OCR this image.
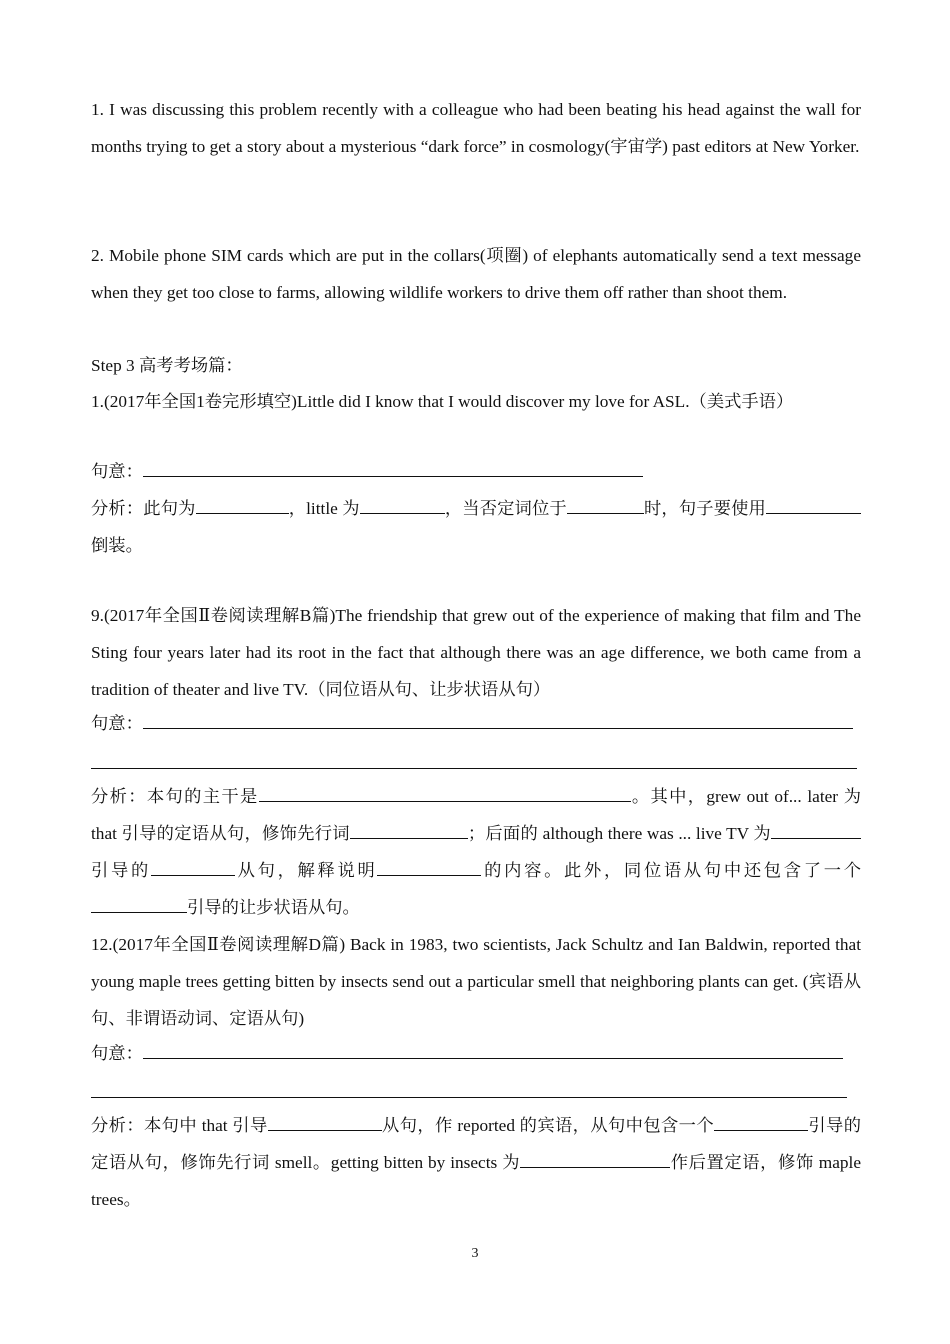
1. I was discussing this problem recently with a colleague who had been beating his head against the wall for months trying to get a story about a mysterious “dark force” in cosmology(宇宙学) past editors at New Yorker.
2. Mobile phone SIM cards which are put in the collars(项圈) of elephants automatically send a text message when they get too close to farms, allowing wildlife workers to drive them off rather than shoot them.
Step 3 高考考场篇：
1.(2017年全国1卷完形填空)Little did I know that I would discover my love for ASL.（美式手语）
句意：
分析：此句为	，little 为	，当否定词位于	时，句子要使用倒装。
9.(2017年全国Ⅱ卷阅读理解B篇)The friendship that grew out of the experience of making that film and The Sting four years later had its root in the fact that although there was an age difference, we both came from a tradition of theater and live TV.（同位语从句、让步状语从句）
句意：
分析：本句的主干是	。其中，grew out of... later 为that 引导的定语从句，修饰先行词	；后面的 although there was ... live TV 为引导的	从句，解释说明	的内容。此外，同位语从句中还包含了一个引导的让步状语从句。
12.(2017年全国Ⅱ卷阅读理解D篇) Back in 1983, two scientists, Jack Schultz and Ian Baldwin, reported that young maple trees getting bitten by insects send out a particular smell that neighboring plants can get. (宾语从句、非谓语动词、定语从句)
句意：
分析：本句中 that 引导	从句，作 reported 的宾语，从句中包含一个	引导的定语从句，修饰先行词 smell。getting bitten by insects 为	作后置定语，修饰 maple trees。
3
